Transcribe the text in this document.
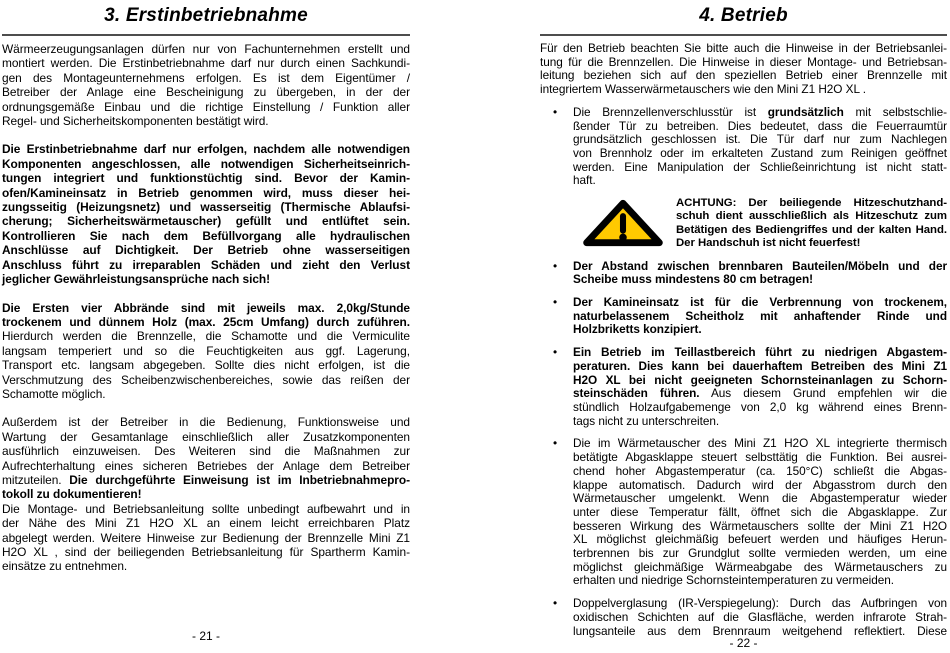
3. Erstinbetriebnahme
Wärmeerzeugungsanlagen dürfen nur von Fachunternehmen erstellt und
montiert werden. Die Erstinbetriebnahme darf nur durch einen Sachkundi-
gen des Montageunternehmens erfolgen. Es ist dem Eigentümer /
Betreiber der Anlage eine Bescheinigung zu übergeben, in der der
ordnungsgemäße Einbau und die richtige Einstellung / Funktion aller
Regel- und Sicherheitskomponenten bestätigt wird.
Die Erstinbetriebnahme darf nur erfolgen, nachdem alle notwendigen
Komponenten angeschlossen, alle notwendigen Sicherheitseinrich-
tungen integriert und funktionstüchtig sind. Bevor der Kamin-
ofen/Kamineinsatz in Betrieb genommen wird, muss dieser hei-
zungsseitig (Heizungsnetz) und wasserseitig (Thermische Ablaufsi-
cherung; Sicherheitswärmetauscher) gefüllt und entlüftet sein.
Kontrollieren Sie nach dem Befüllvorgang alle hydraulischen
Anschlüsse auf Dichtigkeit. Der Betrieb ohne wasserseitigen
Anschluss führt zu irreparablen Schäden und zieht den Verlust
jeglicher Gewährleistungsansprüche nach sich!
Die Ersten vier Abbrände sind mit jeweils max. 2,0kg/Stunde
trockenem und dünnem Holz (max. 25cm Umfang) durch zuführen.
Hierdurch werden die Brennzelle, die Schamotte und die Vermiculite
langsam temperiert und so die Feuchtigkeiten aus ggf. Lagerung,
Transport etc. langsam abgegeben. Sollte dies nicht erfolgen, ist die
Verschmutzung des Scheibenzwischenbereiches, sowie das reißen der
Schamotte möglich.
Außerdem ist der Betreiber in die Bedienung, Funktionsweise und
Wartung der Gesamtanlage einschließlich aller Zusatzkomponenten
ausführlich einzuweisen. Des Weiteren sind die Maßnahmen zur
Aufrechterhaltung eines sicheren Betriebes der Anlage dem Betreiber
mitzuteilen. Die durchgeführte Einweisung ist im Inbetriebnahmepro-
tokoll zu dokumentieren!
Die Montage- und Betriebsanleitung sollte unbedingt aufbewahrt und in
der Nähe des Mini Z1 H2O XL an einem leicht erreichbaren Platz
abgelegt werden. Weitere Hinweise zur Bedienung der Brennzelle Mini Z1
H2O XL , sind der beiliegenden Betriebsanleitung für Spartherm Kamin-
einsätze zu entnehmen.
4. Betrieb
Für den Betrieb beachten Sie bitte auch die Hinweise in der Betriebsanlei-
tung für die Brennzellen. Die Hinweise in dieser Montage- und Betriebsan-
leitung beziehen sich auf den speziellen Betrieb einer Brennzelle mit
integriertem Wasserwärmetauschers wie den Mini Z1 H2O XL .
• Die Brennzellenverschlusstür ist grundsätzlich mit selbstschlie-
ßender Tür zu betreiben. Dies bedeutet, dass die Feuerraumtür
grundsätzlich geschlossen ist. Die Tür darf nur zum Nachlegen
von Brennholz oder im erkalteten Zustand zum Reinigen geöffnet
werden. Eine Manipulation der Schließeinrichtung ist nicht statt-
haft.
ACHTUNG: Der beiliegende Hitzeschutzhand-
schuh dient ausschließlich als Hitzeschutz zum
Betätigen des Bediengriffes und der kalten Hand.
Der Handschuh ist nicht feuerfest!
• Der Abstand zwischen brennbaren Bauteilen/Möbeln und der
Scheibe muss mindestens 80 cm betragen!
• Der Kamineinsatz ist für die Verbrennung von trockenem,
naturbelassenem Scheitholz mit anhaftender Rinde und
Holzbriketts konzipiert.
• Ein Betrieb im Teillastbereich führt zu niedrigen Abgastem-
peraturen. Dies kann bei dauerhaftem Betreiben des Mini Z1
H2O XL bei nicht geeigneten Schornsteinanlagen zu Schorn-
steinschäden führen. Aus diesem Grund empfehlen wir die
stündlich Holzaufgabemenge von 2,0 kg während eines Brenn-
tags nicht zu unterschreiten.
• Die im Wärmetauscher des Mini Z1 H2O XL integrierte thermisch
betätigte Abgasklappe steuert selbsttätig die Funktion. Bei ausrei-
chend hoher Abgastemperatur (ca. 150°C) schließt die Abgas-
klappe automatisch. Dadurch wird der Abgasstrom durch den
Wärmetauscher umgelenkt. Wenn die Abgastemperatur wieder
unter diese Temperatur fällt, öffnet sich die Abgasklappe. Zur
besseren Wirkung des Wärmetauschers sollte der Mini Z1 H2O
XL möglichst gleichmäßig befeuert werden und häufiges Herun-
terbrennen bis zur Grundglut sollte vermieden werden, um eine
möglichst gleichmäßige Wärmeabgabe des Wärmetauschers zu
erhalten und niedrige Schornsteintemperaturen zu vermeiden.
• Doppelverglasung (IR-Verspiegelung): Durch das Aufbringen von
oxidischen Schichten auf die Glasfläche, werden infrarote Strah-
lungsanteile aus dem Brennraum weitgehend reflektiert. Diese
- 21 -	- 22 -
